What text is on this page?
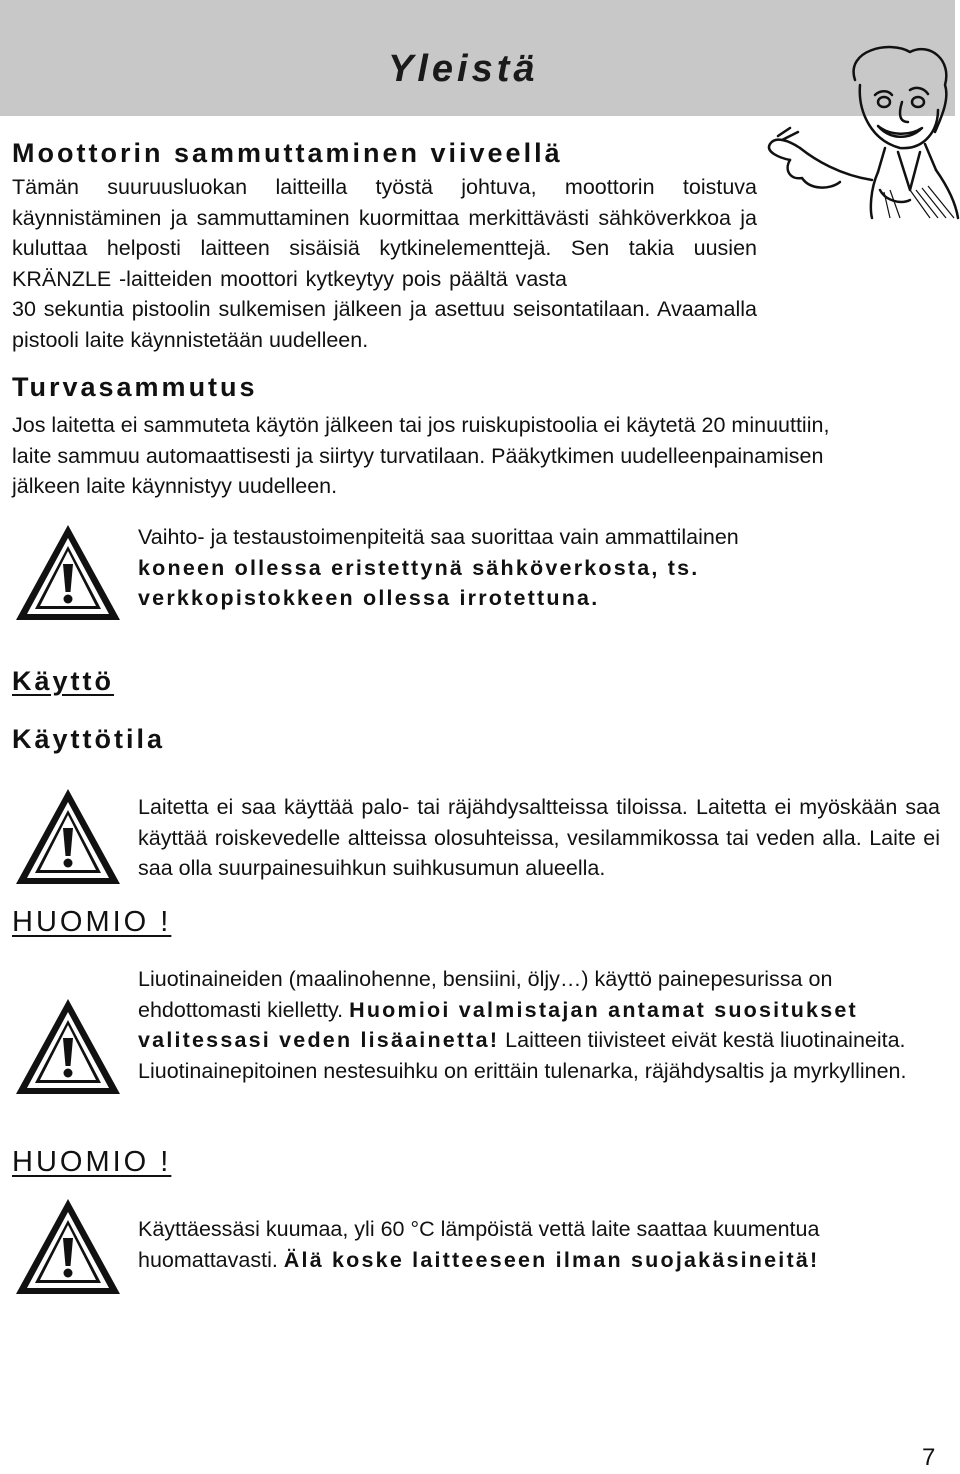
Yleistä
Moottorin sammuttaminen viiveellä

Tämän suuruusluokan laitteilla työstä johtuva, moottorin toistuva käynnistäminen ja sammuttaminen kuormittaa merkittävästi sähköverkkoa ja kuluttaa helposti laitteen sisäisiä kytkinelementtejä. Sen takia uusien KRÄNZLE -laitteiden moottori kytkeytyy pois päältä vasta 30 sekuntia pistoolin sulkemisen jälkeen ja asettuu seisontatilaan. Avaamalla pistooli laite käynnistetään uudelleen.

Turvasammutus

Jos laitetta ei sammuteta käytön jälkeen tai jos ruiskupistoolia ei käytetä 20 minuuttiin, laite sammuu automaattisesti ja siirtyy turvatilaan. Pääkytkimen uudelleenpainamisen jälkeen laite käynnistyy uudelleen.

Vaihto- ja testaustoimenpiteitä saa suorittaa vain ammattilainen
koneen ollessa eristettynä sähköverkosta, ts. verkkopistokkeen ollessa irrotettuna.

Käyttö
Käyttötila

Laitetta ei saa käyttää palo- tai räjähdysaltteissa tiloissa. Laitetta ei myöskään saa käyttää roiskevedelle altteissa olosuhteissa, vesilammikossa tai veden alla. Laite ei saa olla suurpainesuihkun suihkusumun alueella.

HUOMIO !

Liuotinaineiden (maalinohenne, bensiini, öljy…) käyttö painepesurissa on ehdottomasti kielletty. Huomioi valmistajan antamat suositukset valitessasi veden lisäainetta! Laitteen tiivisteet eivät kestä liuotinaineita. Liuotinainepitoinen nestesuihku on erittäin tulenarka, räjähdysaltis ja myrkyllinen.

HUOMIO !

Käyttäessäsi kuumaa, yli 60 °C lämpöistä vettä laite saattaa kuumentua huomattavasti. Älä koske laitteeseen ilman suojakäsineitä!

7
